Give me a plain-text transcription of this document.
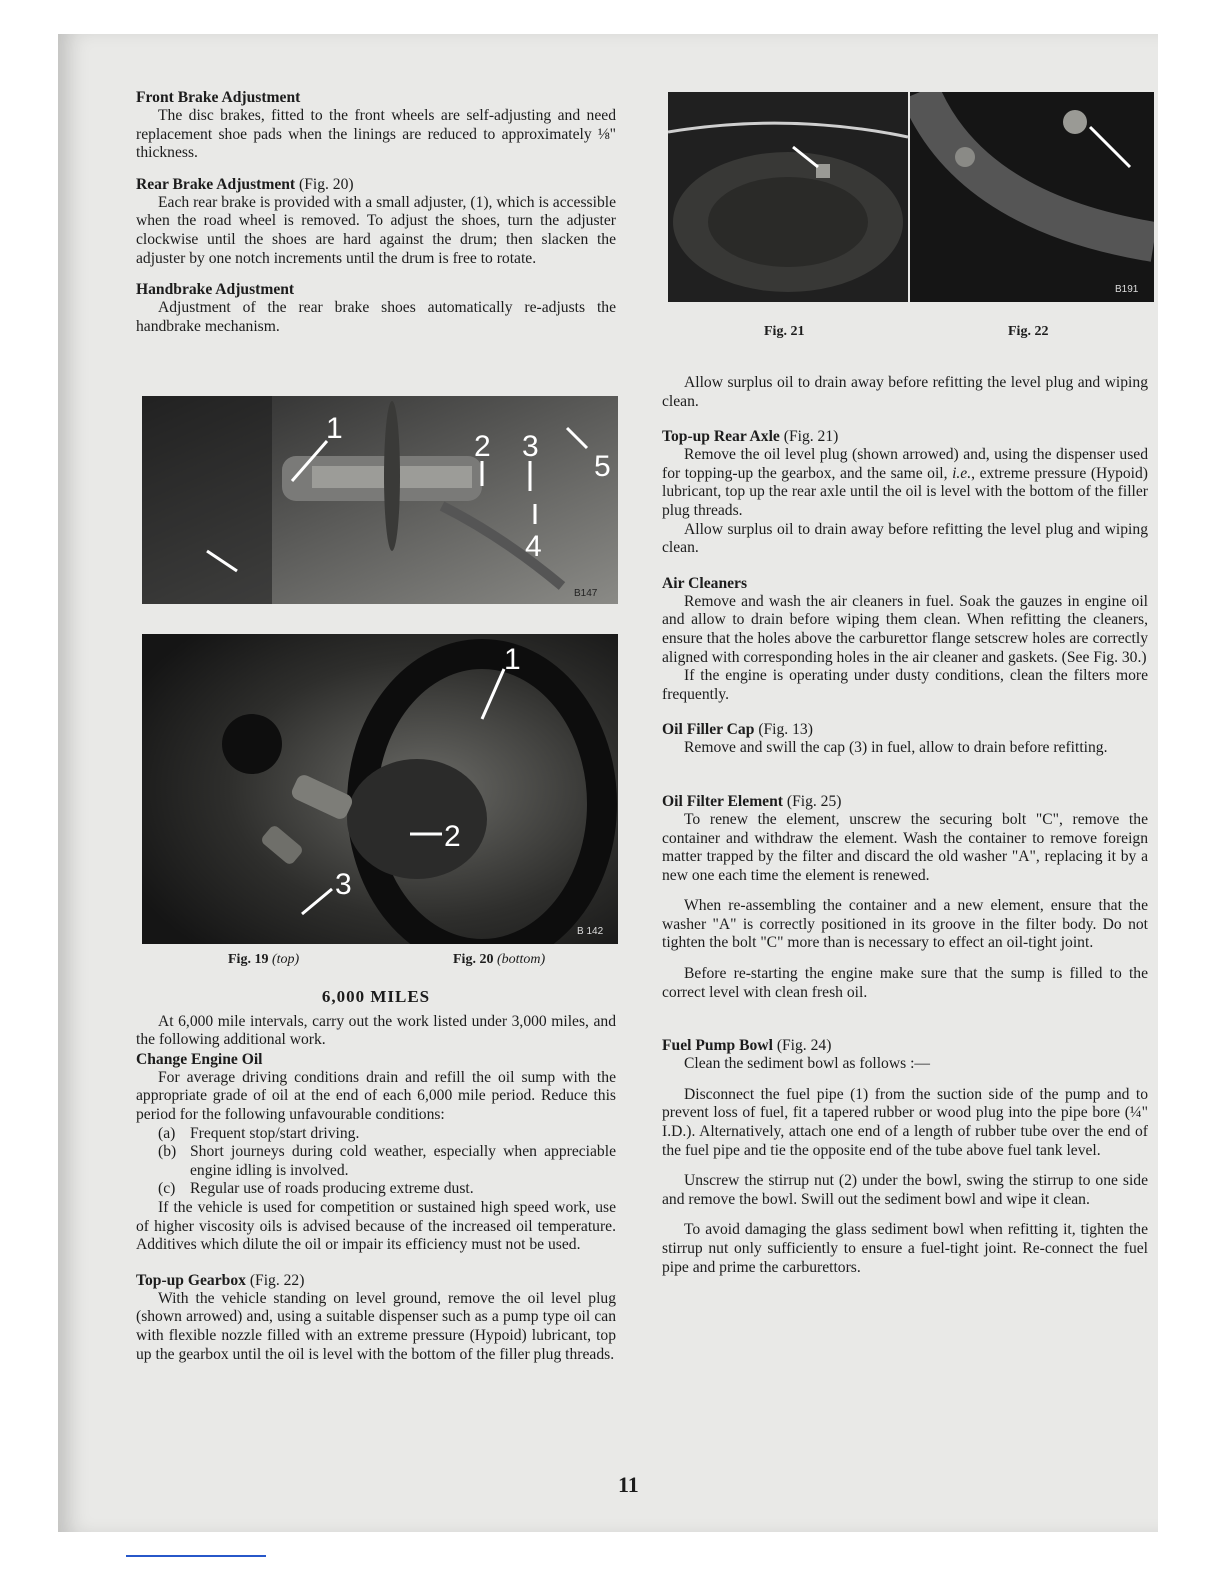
Front Brake Adjustment

The disc brakes, fitted to the front wheels are self-adjusting and need replacement shoe pads when the linings are reduced to approximately ⅛" thickness.

Rear Brake Adjustment (Fig. 20)

Each rear brake is provided with a small adjuster, (1), which is accessible when the road wheel is removed. To adjust the shoes, turn the adjuster clockwise until the shoes are hard against the drum; then slacken the adjuster by one notch increments until the drum is free to rotate.

Handbrake Adjustment

Adjustment of the rear brake shoes automatically re-adjusts the handbrake mechanism.

1
2 3
4
5
B147
1
2
3
B 142
Fig. 19 (top)	Fig. 20 (bottom)
6,000 MILES

At 6,000 mile intervals, carry out the work listed under 3,000 miles, and the following additional work.

Change Engine Oil

For average driving conditions drain and refill the oil sump with the appropriate grade of oil at the end of each 6,000 mile period. Reduce this period for the following unfavourable conditions:

(a) Frequent stop/start driving.
(b) Short journeys during cold weather, especially when appreciable engine idling is involved.
(c) Regular use of roads producing extreme dust.

If the vehicle is used for competition or sustained high speed work, use of higher viscosity oils is advised because of the increased oil temperature. Additives which dilute the oil or impair its efficiency must not be used.

Top-up Gearbox (Fig. 22)

With the vehicle standing on level ground, remove the oil level plug (shown arrowed) and, using a suitable dispenser such as a pump type oil can with flexible nozzle filled with an extreme pressure (Hypoid) lubricant, top up the gearbox until the oil is level with the bottom of the filler plug threads.

B191
Fig. 21	Fig. 22

Allow surplus oil to drain away before refitting the level plug and wiping clean.

Top-up Rear Axle (Fig. 21)

Remove the oil level plug (shown arrowed) and, using the dispenser used for topping-up the gearbox, and the same oil, i.e., extreme pressure (Hypoid) lubricant, top up the rear axle until the oil is level with the bottom of the filler plug threads.

Allow surplus oil to drain away before refitting the level plug and wiping clean.

Air Cleaners

Remove and wash the air cleaners in fuel. Soak the gauzes in engine oil and allow to drain before wiping them clean. When refitting the cleaners, ensure that the holes above the carburettor flange setscrew holes are correctly aligned with corresponding holes in the air cleaner and gaskets. (See Fig. 30.)

If the engine is operating under dusty conditions, clean the filters more frequently.

Oil Filler Cap (Fig. 13)

Remove and swill the cap (3) in fuel, allow to drain before refitting.

Oil Filter Element (Fig. 25)

To renew the element, unscrew the securing bolt "C", remove the container and withdraw the element. Wash the container to remove foreign matter trapped by the filter and discard the old washer "A", replacing it by a new one each time the element is renewed.

When re-assembling the container and a new element, ensure that the washer "A" is correctly positioned in its groove in the filter body. Do not tighten the bolt "C" more than is necessary to effect an oil-tight joint.

Before re-starting the engine make sure that the sump is filled to the correct level with clean fresh oil.

Fuel Pump Bowl (Fig. 24)

Clean the sediment bowl as follows :—

Disconnect the fuel pipe (1) from the suction side of the pump and to prevent loss of fuel, fit a tapered rubber or wood plug into the pipe bore (¼" I.D.). Alternatively, attach one end of a length of rubber tube over the end of the fuel pipe and tie the opposite end of the tube above fuel tank level.

Unscrew the stirrup nut (2) under the bowl, swing the stirrup to one side and remove the bowl. Swill out the sediment bowl and wipe it clean.

To avoid damaging the glass sediment bowl when refitting it, tighten the stirrup nut only sufficiently to ensure a fuel-tight joint. Re-connect the fuel pipe and prime the carburettors.

11
